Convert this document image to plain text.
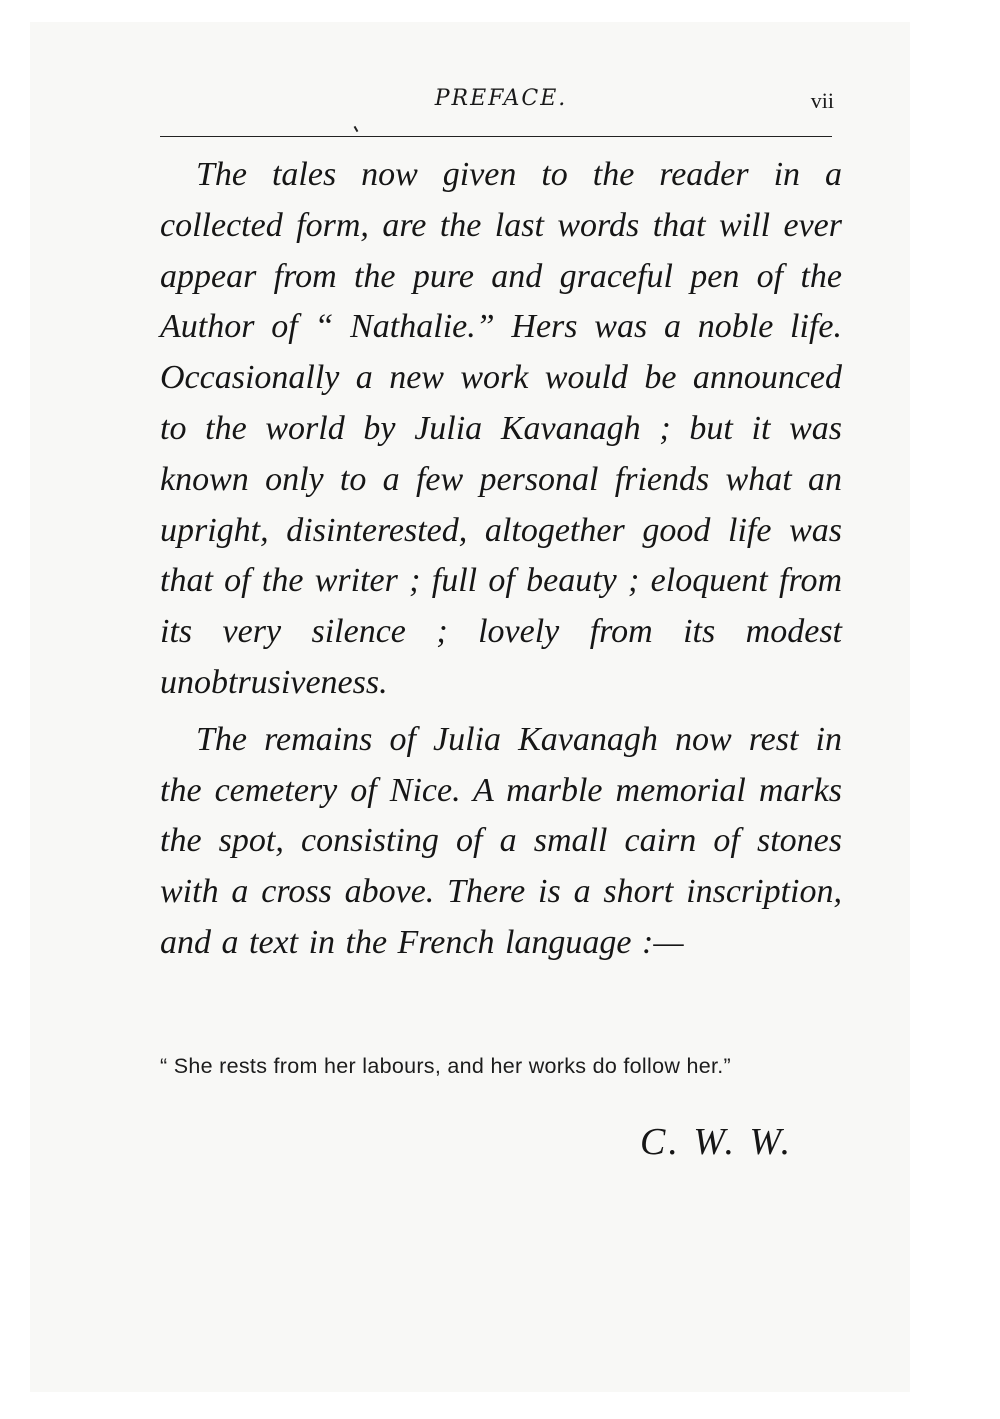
PREFACE.	vii

The tales now given to the reader in a collected form, are the last words that will ever appear from the pure and graceful pen of the Author of “ Nathalie.” Hers was a noble life. Occasionally a new work would be announced to the world by Julia Kavanagh ; but it was known only to a few personal friends what an upright, disinterested, altogether good life was that of the writer ; full of beauty ; eloquent from its very silence ; lovely from its modest unobtrusiveness.

The remains of Julia Kavanagh now rest in the cemetery of Nice. A marble memorial marks the spot, consisting of a small cairn of stones with a cross above. There is a short inscription, and a text in the French language :—

“ She rests from her labours, and her works do follow her.”
C. W. W.
